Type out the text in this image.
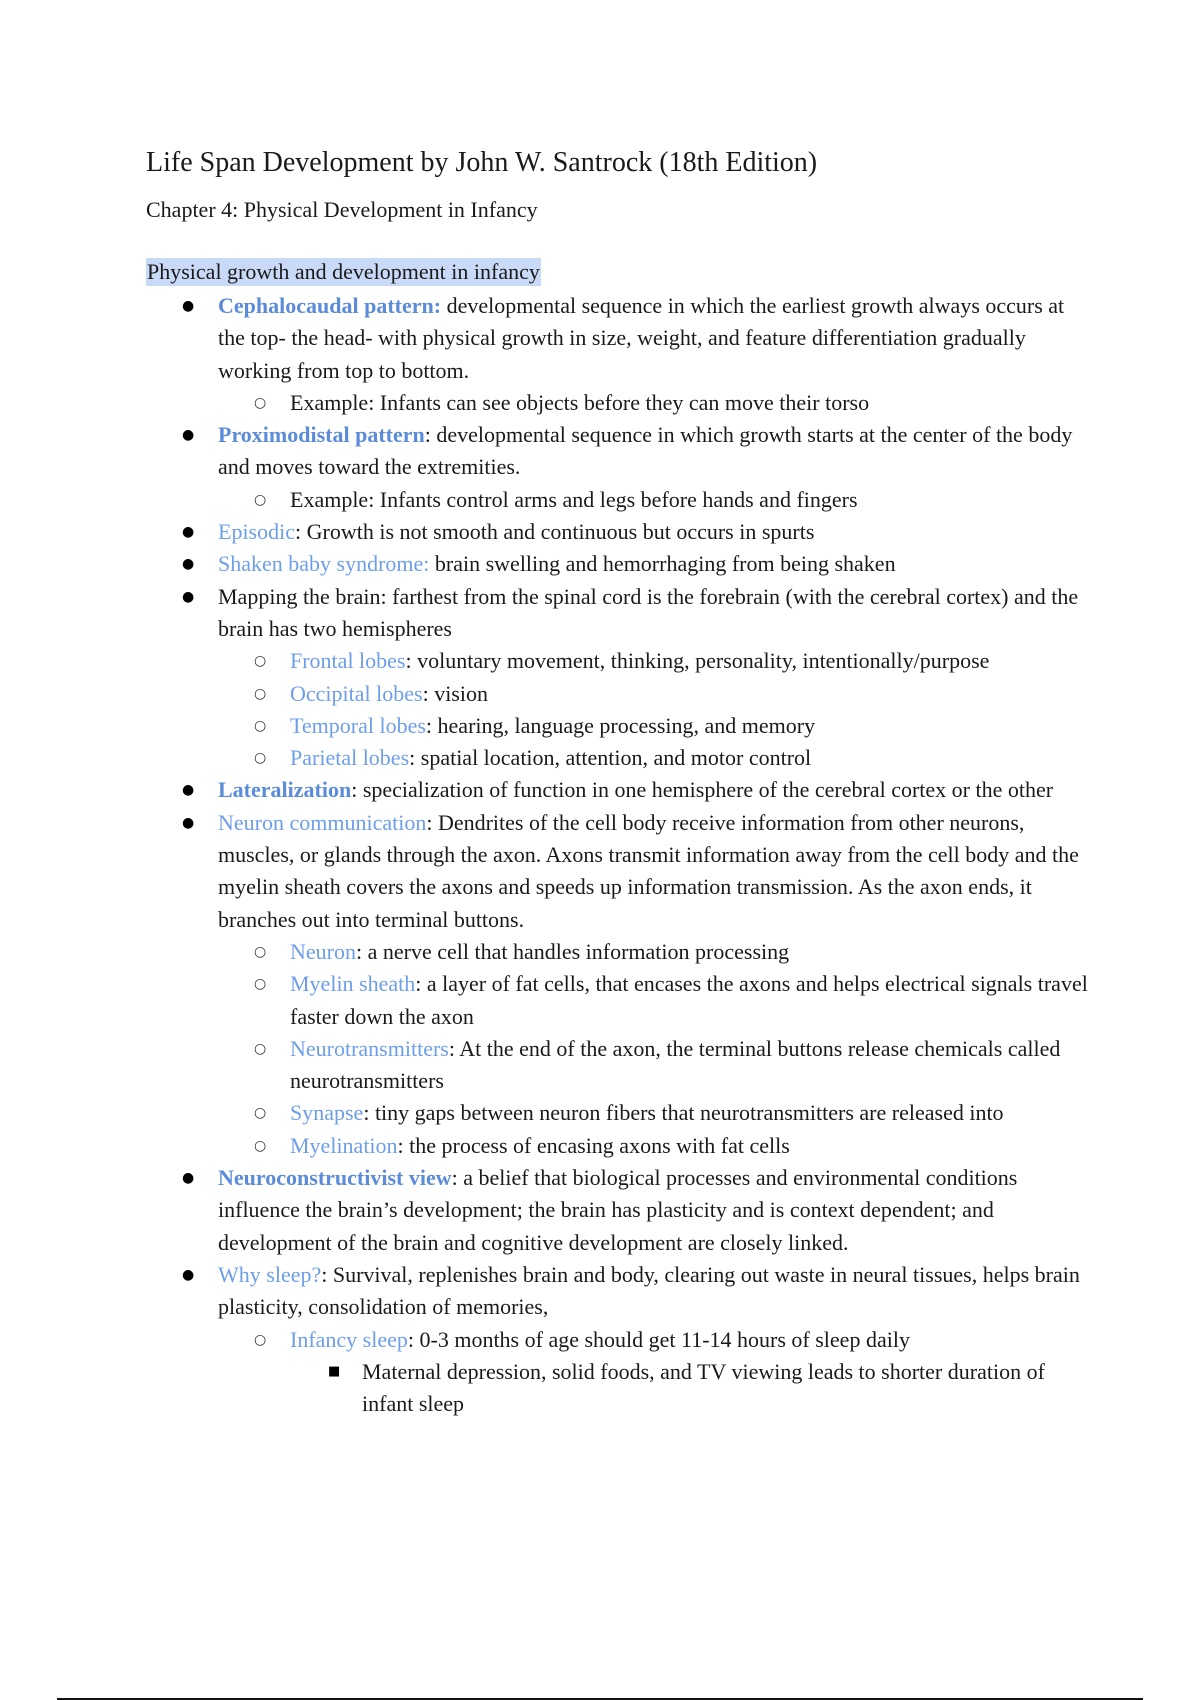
Life Span Development by John W. Santrock (18th Edition)
Chapter 4: Physical Development in Infancy
Physical growth and development in infancy
● Cephalocaudal pattern: developmental sequence in which the earliest growth always occurs at the top- the head- with physical growth in size, weight, and feature differentiation gradually working from top to bottom.
○ Example: Infants can see objects before they can move their torso
● Proximodistal pattern: developmental sequence in which growth starts at the center of the body and moves toward the extremities.
○ Example: Infants control arms and legs before hands and fingers
● Episodic: Growth is not smooth and continuous but occurs in spurts
● Shaken baby syndrome: brain swelling and hemorrhaging from being shaken
● Mapping the brain: farthest from the spinal cord is the forebrain (with the cerebral cortex) and the brain has two hemispheres
○ Frontal lobes: voluntary movement, thinking, personality, intentionally/purpose
○ Occipital lobes: vision
○ Temporal lobes: hearing, language processing, and memory
○ Parietal lobes: spatial location, attention, and motor control
● Lateralization: specialization of function in one hemisphere of the cerebral cortex or the other
● Neuron communication: Dendrites of the cell body receive information from other neurons, muscles, or glands through the axon. Axons transmit information away from the cell body and the myelin sheath covers the axons and speeds up information transmission. As the axon ends, it branches out into terminal buttons.
○ Neuron: a nerve cell that handles information processing
○ Myelin sheath: a layer of fat cells, that encases the axons and helps electrical signals travel faster down the axon
○ Neurotransmitters: At the end of the axon, the terminal buttons release chemicals called neurotransmitters
○ Synapse: tiny gaps between neuron fibers that neurotransmitters are released into
○ Myelination: the process of encasing axons with fat cells
● Neuroconstructivist view: a belief that biological processes and environmental conditions influence the brain’s development; the brain has plasticity and is context dependent; and development of the brain and cognitive development are closely linked.
● Why sleep?: Survival, replenishes brain and body, clearing out waste in neural tissues, helps brain plasticity, consolidation of memories,
○ Infancy sleep: 0-3 months of age should get 11-14 hours of sleep daily
■ Maternal depression, solid foods, and TV viewing leads to shorter duration of infant sleep
